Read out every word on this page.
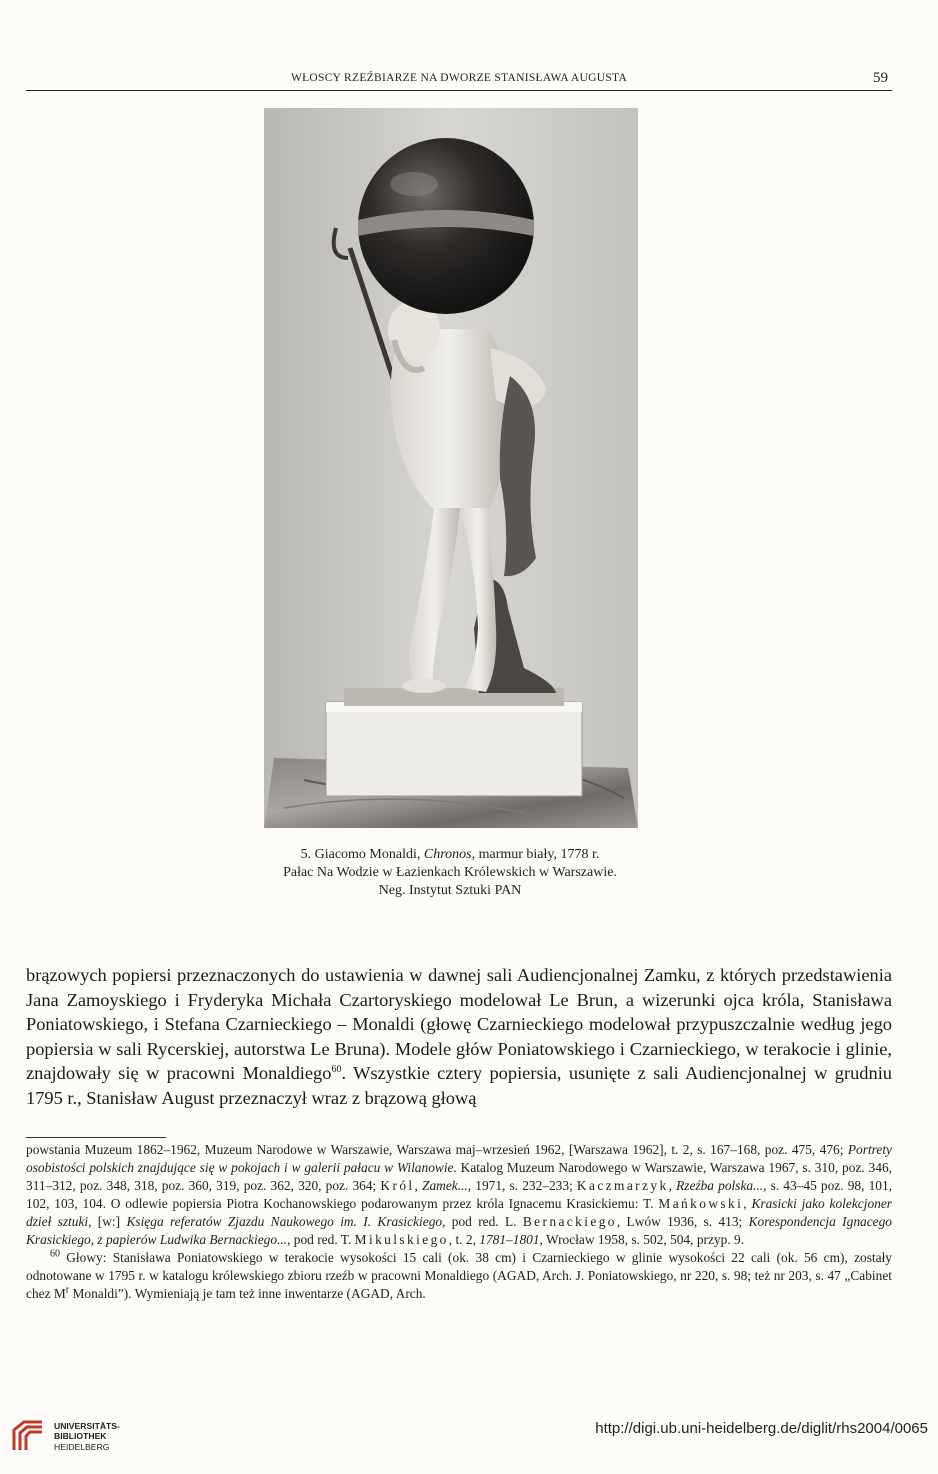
WŁOSCY RZEŹBIARZE NA DWORZE STANISŁAWA AUGUSTA	59
5. Giacomo Monaldi, Chronos, marmur biały, 1778 r.
Pałac Na Wodzie w Łazienkach Królewskich w Warszawie.
Neg. Instytut Sztuki PAN

brązowych popiersi przeznaczonych do ustawienia w dawnej sali Audiencjonalnej Zamku, z których przedstawienia Jana Zamoyskiego i Fryderyka Michała Czartoryskiego modelował Le Brun, a wizerunki ojca króla, Stanisława Poniatowskiego, i Stefana Czarnieckiego – Monaldi (głowę Czarnieckiego modelował przypuszczalnie według jego popiersia w sali Rycerskiej, autorstwa Le Bruna). Modele głów Poniatowskiego i Czarnieckiego, w terakocie i glinie, znajdowały się w pracowni Monaldiego$^{60}$. Wszystkie cztery popiersia, usunięte z sali Audiencjonalnej w grudniu 1795 r., Stanisław August przeznaczył wraz z brązową głową

powstania Muzeum 1862–1962, Muzeum Narodowe w Warszawie, Warszawa maj–wrzesień 1962, [Warszawa 1962], t. 2, s. 167–168, poz. 475, 476; Portrety osobistości polskich znajdujące się w pokojach i w galerii pałacu w Wilanowie. Katalog Muzeum Narodowego w Warszawie, Warszawa 1967, s. 310, poz. 346, 311–312, poz. 348, 318, poz. 360, 319, poz. 362, 320, poz. 364; Król, Zamek..., 1971, s. 232–233; Kaczmarzyk, Rzeźba polska..., s. 43–45 poz. 98, 101, 102, 103, 104. O odlewie popiersia Piotra Kochanowskiego podarowanym przez króla Ignacemu Krasickiemu: T. Mańkowski, Krasicki jako kolekcjoner dzieł sztuki, [w:] Księga referatów Zjazdu Naukowego im. I. Krasickiego, pod red. L. Bernackiego, Lwów 1936, s. 413; Korespondencja Ignacego Krasickiego, z papierów Ludwika Bernackiego..., pod red. T. Mikulskiego, t. 2, 1781–1801, Wrocław 1958, s. 502, 504, przyp. 9.

$^{60}$ Głowy: Stanisława Poniatowskiego w terakocie wysokości 15 cali (ok. 38 cm) i Czarnieckiego w glinie wysokości 22 cali (ok. 56 cm), zostały odnotowane w 1795 r. w katalogu królewskiego zbioru rzeźb w pracowni Monaldiego (AGAD, Arch. J. Poniatowskiego, nr 220, s. 98; też nr 203, s. 47 „Cabinet chez $M^r$ Monaldi”). Wymieniają je tam też inne inwentarze (AGAD, Arch.

UNIVERSITÄTS-
BIBLIOTHEK
HEIDELBERG
http://digi.ub.uni-heidelberg.de/diglit/rhs2004/0065
